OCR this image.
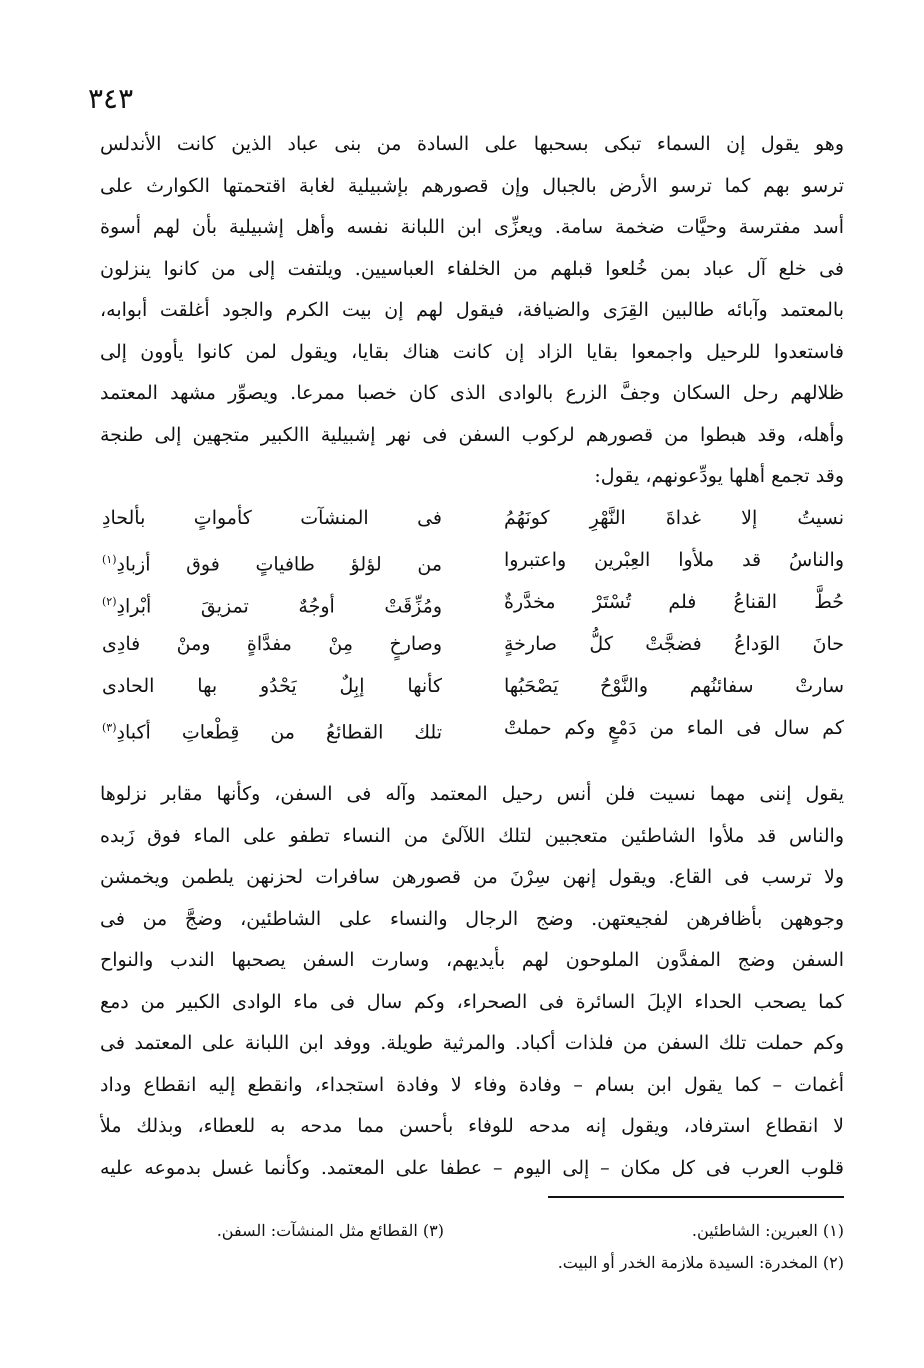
٣٤٣
وهو يقول إن السماء تبكى بسحبها على السادة من بنى عباد الذين كانت الأندلس
ترسو بهم كما ترسو الأرض بالجبال وإن قصورهم بإشبيلية لغابة اقتحمتها الكوارث على
أسد مفترسة وحيَّات ضخمة سامة. ويعزِّى ابن اللبانة نفسه وأهل إشبيلية بأن لهم أسوة
فى خلع آل عباد بمن خُلعوا قبلهم من الخلفاء العباسيين. ويلتفت إلى من كانوا ينزلون
بالمعتمد وآبائه طالبين القِرَى والضيافة، فيقول لهم إن بيت الكرم والجود أغلقت أبوابه،
فاستعدوا للرحيل واجمعوا بقايا الزاد إن كانت هناك بقايا، ويقول لمن كانوا يأوون إلى
ظلالهم رحل السكان وجفَّ الزرع بالوادى الذى كان خصبا ممرعا. ويصوِّر مشهد المعتمد
وأهله، وقد هبطوا من قصورهم لركوب السفن فى نهر إشبيلية االكبير متجهين إلى طنجة
وقد تجمع أهلها يودِّعونهم، يقول:
نسيتُ إلا غداةَ النَّهْرِ كونَهُمُ
فى المنشآت كأمواتٍ بألحادِ
والناسُ قد ملأوا العِبْرين واعتبروا
من لؤلؤ طافياتٍ فوق أزبادِ$^{(١)}$
حُطَّ القناعُ فلم تُسْتَرْ مخدَّرةٌ
ومُزِّقَتْ أوجُهٌ تمزيقَ أبْرادِ$^{(٢)}$
حانَ الوَداعُ فضجَّتْ كلُّ صارخةٍ
وصارخٍ مِنْ مفدَّاةٍ ومنْ فادِى
سارتْ سفائنُهم والنَّوْحُ يَصْحَبُها
كأنها إبِلٌ يَحْدُو بها الحادى
كم سال فى الماء من دَمْعٍ وكم حملتْ
تلك القطائعُ من قِطْعاتِ أكبادِ$^{(٣)}$
يقول إننى مهما نسيت فلن أنس رحيل المعتمد وآله فى السفن، وكأنها مقابر نزلوها
والناس قد ملأوا الشاطئين متعجبين لتلك اللآلئ من النساء تطفو على الماء فوق زَبده
ولا ترسب فى القاع. ويقول إنهن سِرْنَ من قصورهن سافرات لحزنهن يلطمن ويخمشن
وجوههن بأظافرهن لفجيعتهن. وضج الرجال والنساء على الشاطئين، وضجَّ من فى
السفن وضج المفدَّون الملوحون لهم بأيديهم، وسارت السفن يصحبها الندب والنواح
كما يصحب الحداء الإبلَ السائرة فى الصحراء، وكم سال فى ماء الوادى الكبير من دمع
وكم حملت تلك السفن من فلذات أكباد. والمرثية طويلة. ووفد ابن اللبانة على المعتمد فى
أغمات – كما يقول ابن بسام – وفادة وفاء لا وفادة استجداء، وانقطع إليه انقطاع وداد
لا انقطاع استرفاد، ويقول إنه مدحه للوفاء بأحسن مما مدحه به للعطاء، وبذلك ملأ
قلوب العرب فى كل مكان – إلى اليوم – عطفا على المعتمد. وكأنما غسل بدموعه عليه
(١) العبرين: الشاطئين.
(٢) المخدرة: السيدة ملازمة الخدر أو البيت.
(٣) القطائع مثل المنشآت: السفن.
